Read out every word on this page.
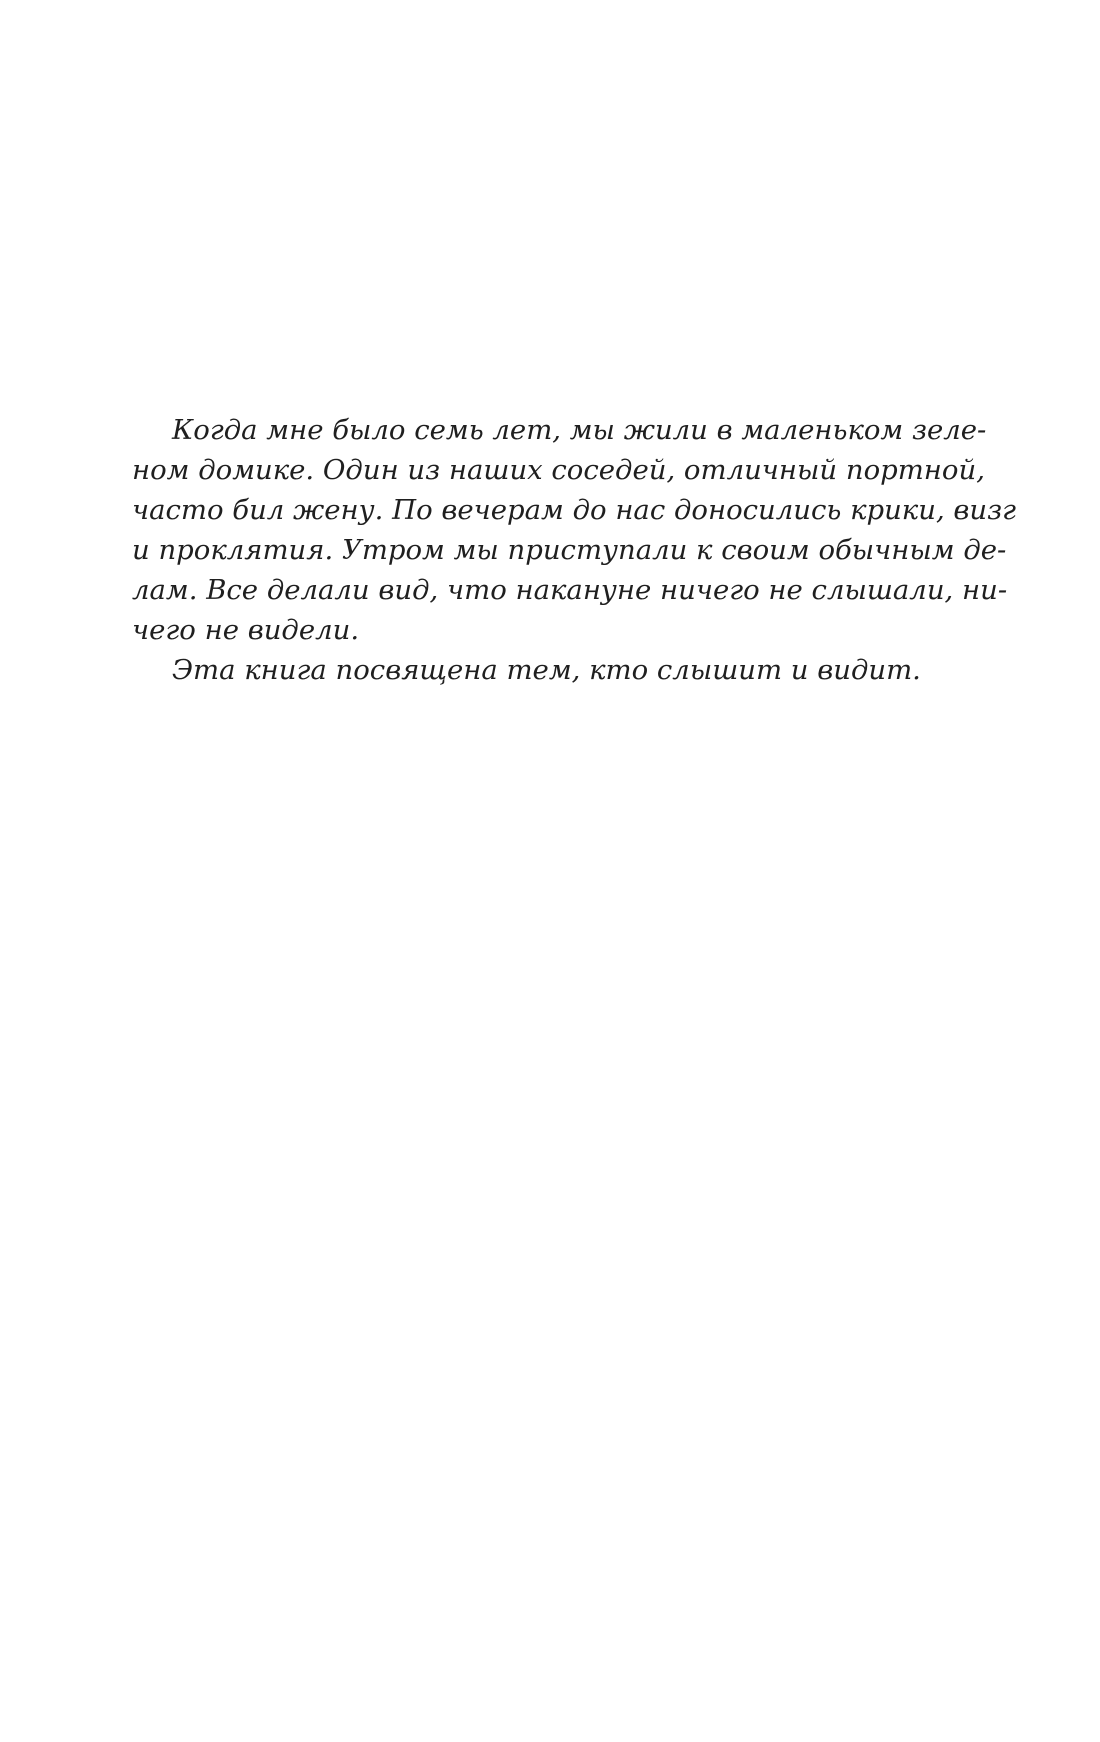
Когда мне было семь лет, мы жили в маленьком зеле-
ном домике. Один из наших соседей, отличный портной,
часто бил жену. По вечерам до нас доносились крики, визг
и проклятия. Утром мы приступали к своим обычным де-
лам. Все делали вид, что накануне ничего не слышали, ни-
чего не видели.
Эта книга посвящена тем, кто слышит и видит.
